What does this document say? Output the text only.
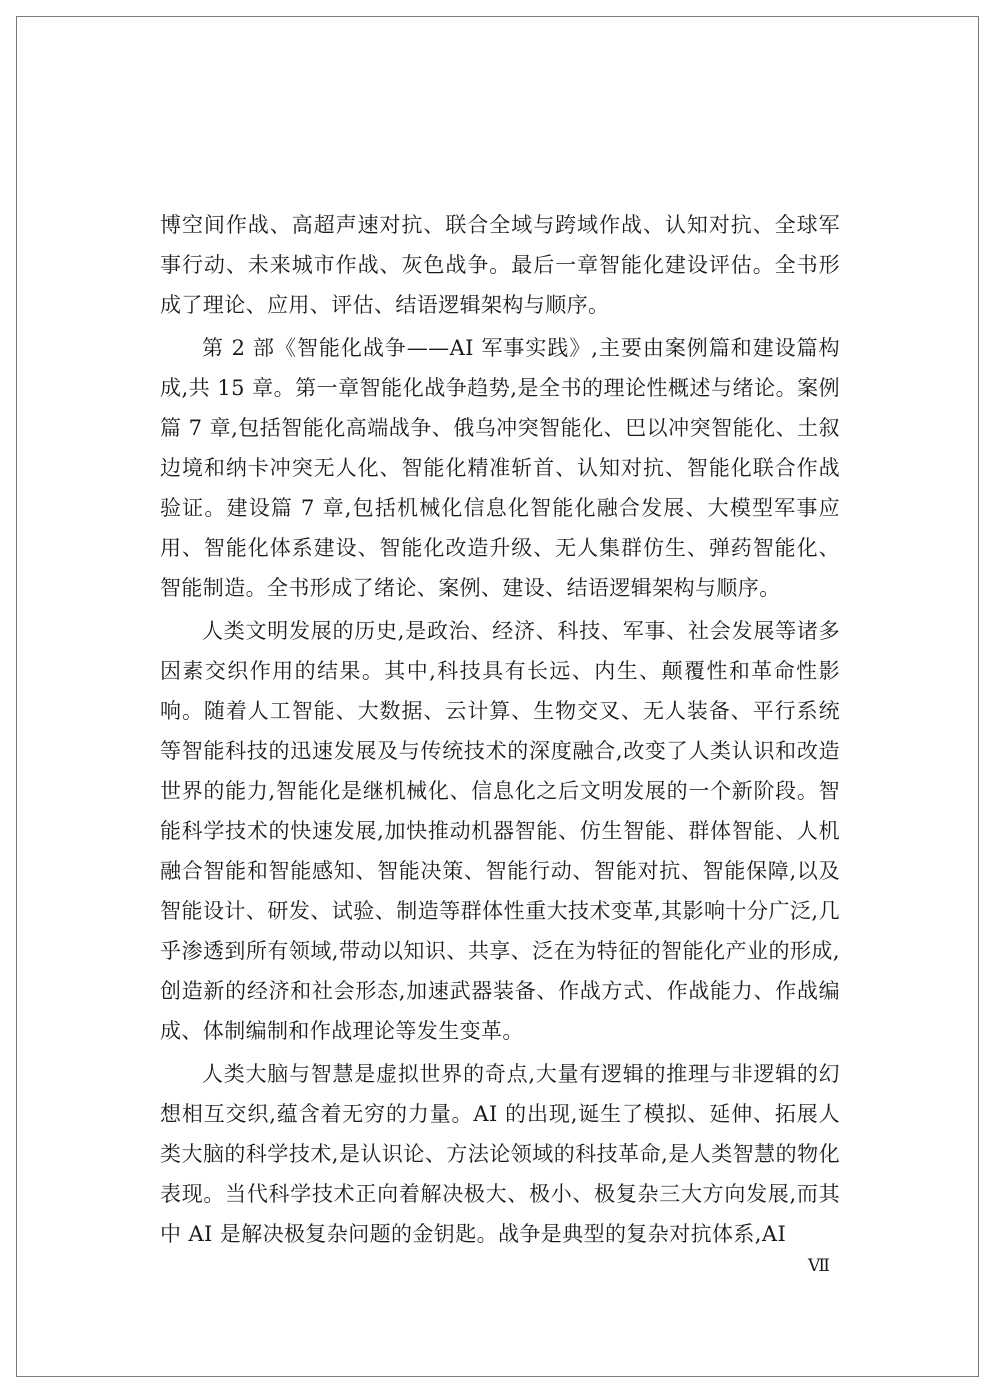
博空间作战、高超声速对抗、联合全域与跨域作战、认知对抗、全球军事行动、未来城市作战、灰色战争。最后一章智能化建设评估。全书形成了理论、应用、评估、结语逻辑架构与顺序。

第 2 部《智能化战争——AI 军事实践》,主要由案例篇和建设篇构成,共 15 章。第一章智能化战争趋势,是全书的理论性概述与绪论。案例篇 7 章,包括智能化高端战争、俄乌冲突智能化、巴以冲突智能化、土叙边境和纳卡冲突无人化、智能化精准斩首、认知对抗、智能化联合作战验证。建设篇 7 章,包括机械化信息化智能化融合发展、大模型军事应用、智能化体系建设、智能化改造升级、无人集群仿生、弹药智能化、智能制造。全书形成了绪论、案例、建设、结语逻辑架构与顺序。

人类文明发展的历史,是政治、经济、科技、军事、社会发展等诸多因素交织作用的结果。其中,科技具有长远、内生、颠覆性和革命性影响。随着人工智能、大数据、云计算、生物交叉、无人装备、平行系统等智能科技的迅速发展及与传统技术的深度融合,改变了人类认识和改造世界的能力,智能化是继机械化、信息化之后文明发展的一个新阶段。智能科学技术的快速发展,加快推动机器智能、仿生智能、群体智能、人机融合智能和智能感知、智能决策、智能行动、智能对抗、智能保障,以及智能设计、研发、试验、制造等群体性重大技术变革,其影响十分广泛,几乎渗透到所有领域,带动以知识、共享、泛在为特征的智能化产业的形成,创造新的经济和社会形态,加速武器装备、作战方式、作战能力、作战编成、体制编制和作战理论等发生变革。

人类大脑与智慧是虚拟世界的奇点,大量有逻辑的推理与非逻辑的幻想相互交织,蕴含着无穷的力量。AI 的出现,诞生了模拟、延伸、拓展人类大脑的科学技术,是认识论、方法论领域的科技革命,是人类智慧的物化表现。当代科学技术正向着解决极大、极小、极复杂三大方向发展,而其中 AI 是解决极复杂问题的金钥匙。战争是典型的复杂对抗体系,AI

Ⅶ
